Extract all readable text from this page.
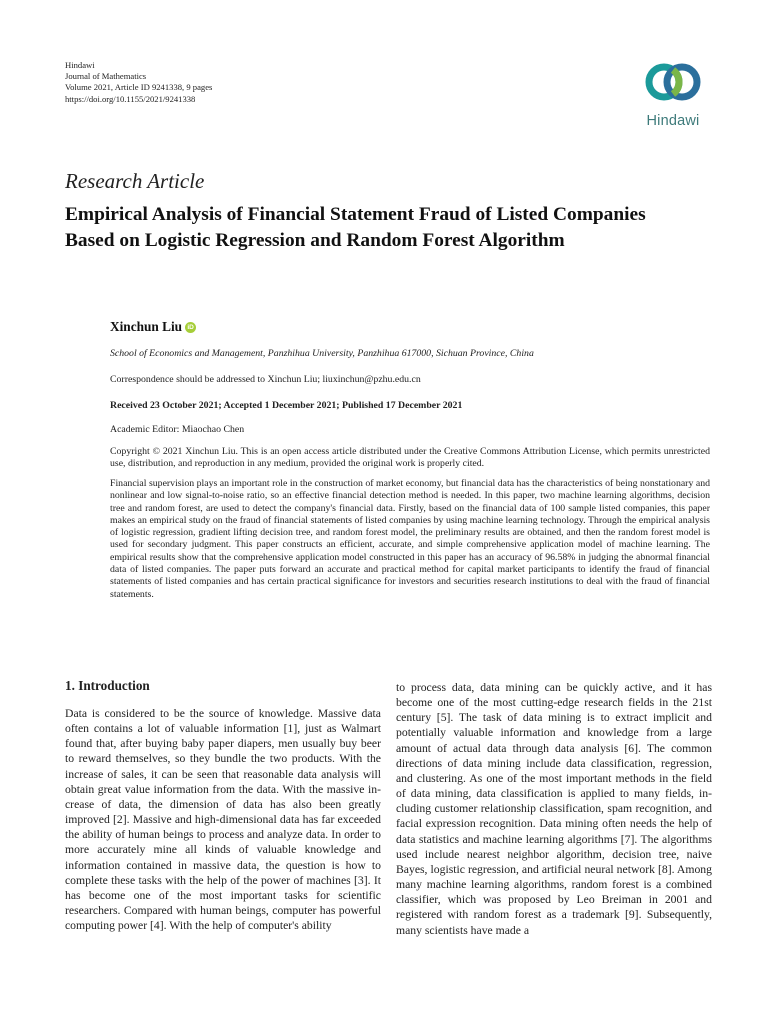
Hindawi
Journal of Mathematics
Volume 2021, Article ID 9241338, 9 pages
https://doi.org/10.1155/2021/9241338
Hindawi
Research Article
Empirical Analysis of Financial Statement Fraud of Listed Companies Based on Logistic Regression and Random Forest Algorithm
Xinchun Liu iD
School of Economics and Management, Panzhihua University, Panzhihua 617000, Sichuan Province, China
Correspondence should be addressed to Xinchun Liu; liuxinchun@pzhu.edu.cn
Received 23 October 2021; Accepted 1 December 2021; Published 17 December 2021
Academic Editor: Miaochao Chen
Copyright © 2021 Xinchun Liu. This is an open access article distributed under the Creative Commons Attribution License, which permits unrestricted use, distribution, and reproduction in any medium, provided the original work is properly cited.
Financial supervision plays an important role in the construction of market economy, but financial data has the characteristics of being nonstationary and nonlinear and low signal-to-noise ratio, so an effective financial detection method is needed. In this paper, two machine learning algorithms, decision tree and random forest, are used to detect the company's financial data. Firstly, based on the financial data of 100 sample listed companies, this paper makes an empirical study on the fraud of financial statements of listed companies by using machine learning technology. Through the empirical analysis of logistic regression, gradient lifting decision tree, and random forest model, the preliminary results are obtained, and then the random forest model is used for secondary judgment. This paper constructs an efficient, accurate, and simple comprehensive application model of machine learning. The empirical results show that the comprehensive application model constructed in this paper has an accuracy of 96.58% in judging the abnormal financial data of listed companies. The paper puts forward an accurate and practical method for capital market participants to identify the fraud of financial statements of listed companies and has certain practical significance for investors and securities research institutions to deal with the fraud of financial statements.
1. Introduction

Data is considered to be the source of knowledge. Massive data often contains a lot of valuable information [1], just as Walmart found that, after buying baby paper diapers, men usually buy beer to reward themselves, so they bundle the two products. With the increase of sales, it can be seen that reasonable data analysis will obtain great value information from the data. With the massive increase of data, the dimension of data has also been greatly improved [2]. Massive and high-dimensional data has far exceeded the ability of human beings to process and analyze data. In order to more accurately mine all kinds of valuable knowledge and information contained in massive data, the question is how to complete these tasks with the help of the power of machines [3]. It has become one of the most important tasks for scientific researchers. Compared with human beings, computer has powerful computing power [4]. With the help of computer's ability

to process data, data mining can be quickly active, and it has become one of the most cutting-edge research fields in the 21st century [5]. The task of data mining is to extract implicit and potentially valuable information and knowledge from a large amount of actual data through data analysis [6]. The common directions of data mining include data classification, regression, and clustering. As one of the most important methods in the field of data mining, data classification is applied to many fields, including customer relationship classification, spam recognition, and facial expression recognition. Data mining often needs the help of data statistics and machine learning algorithms [7]. The algorithms used include nearest neighbor algorithm, decision tree, naive Bayes, logistic regression, and artificial neural network [8]. Among many machine learning algorithms, random forest is a combined classifier, which was proposed by Leo Breiman in 2001 and registered with random forest as a trademark [9]. Subsequently, many scientists have made a
